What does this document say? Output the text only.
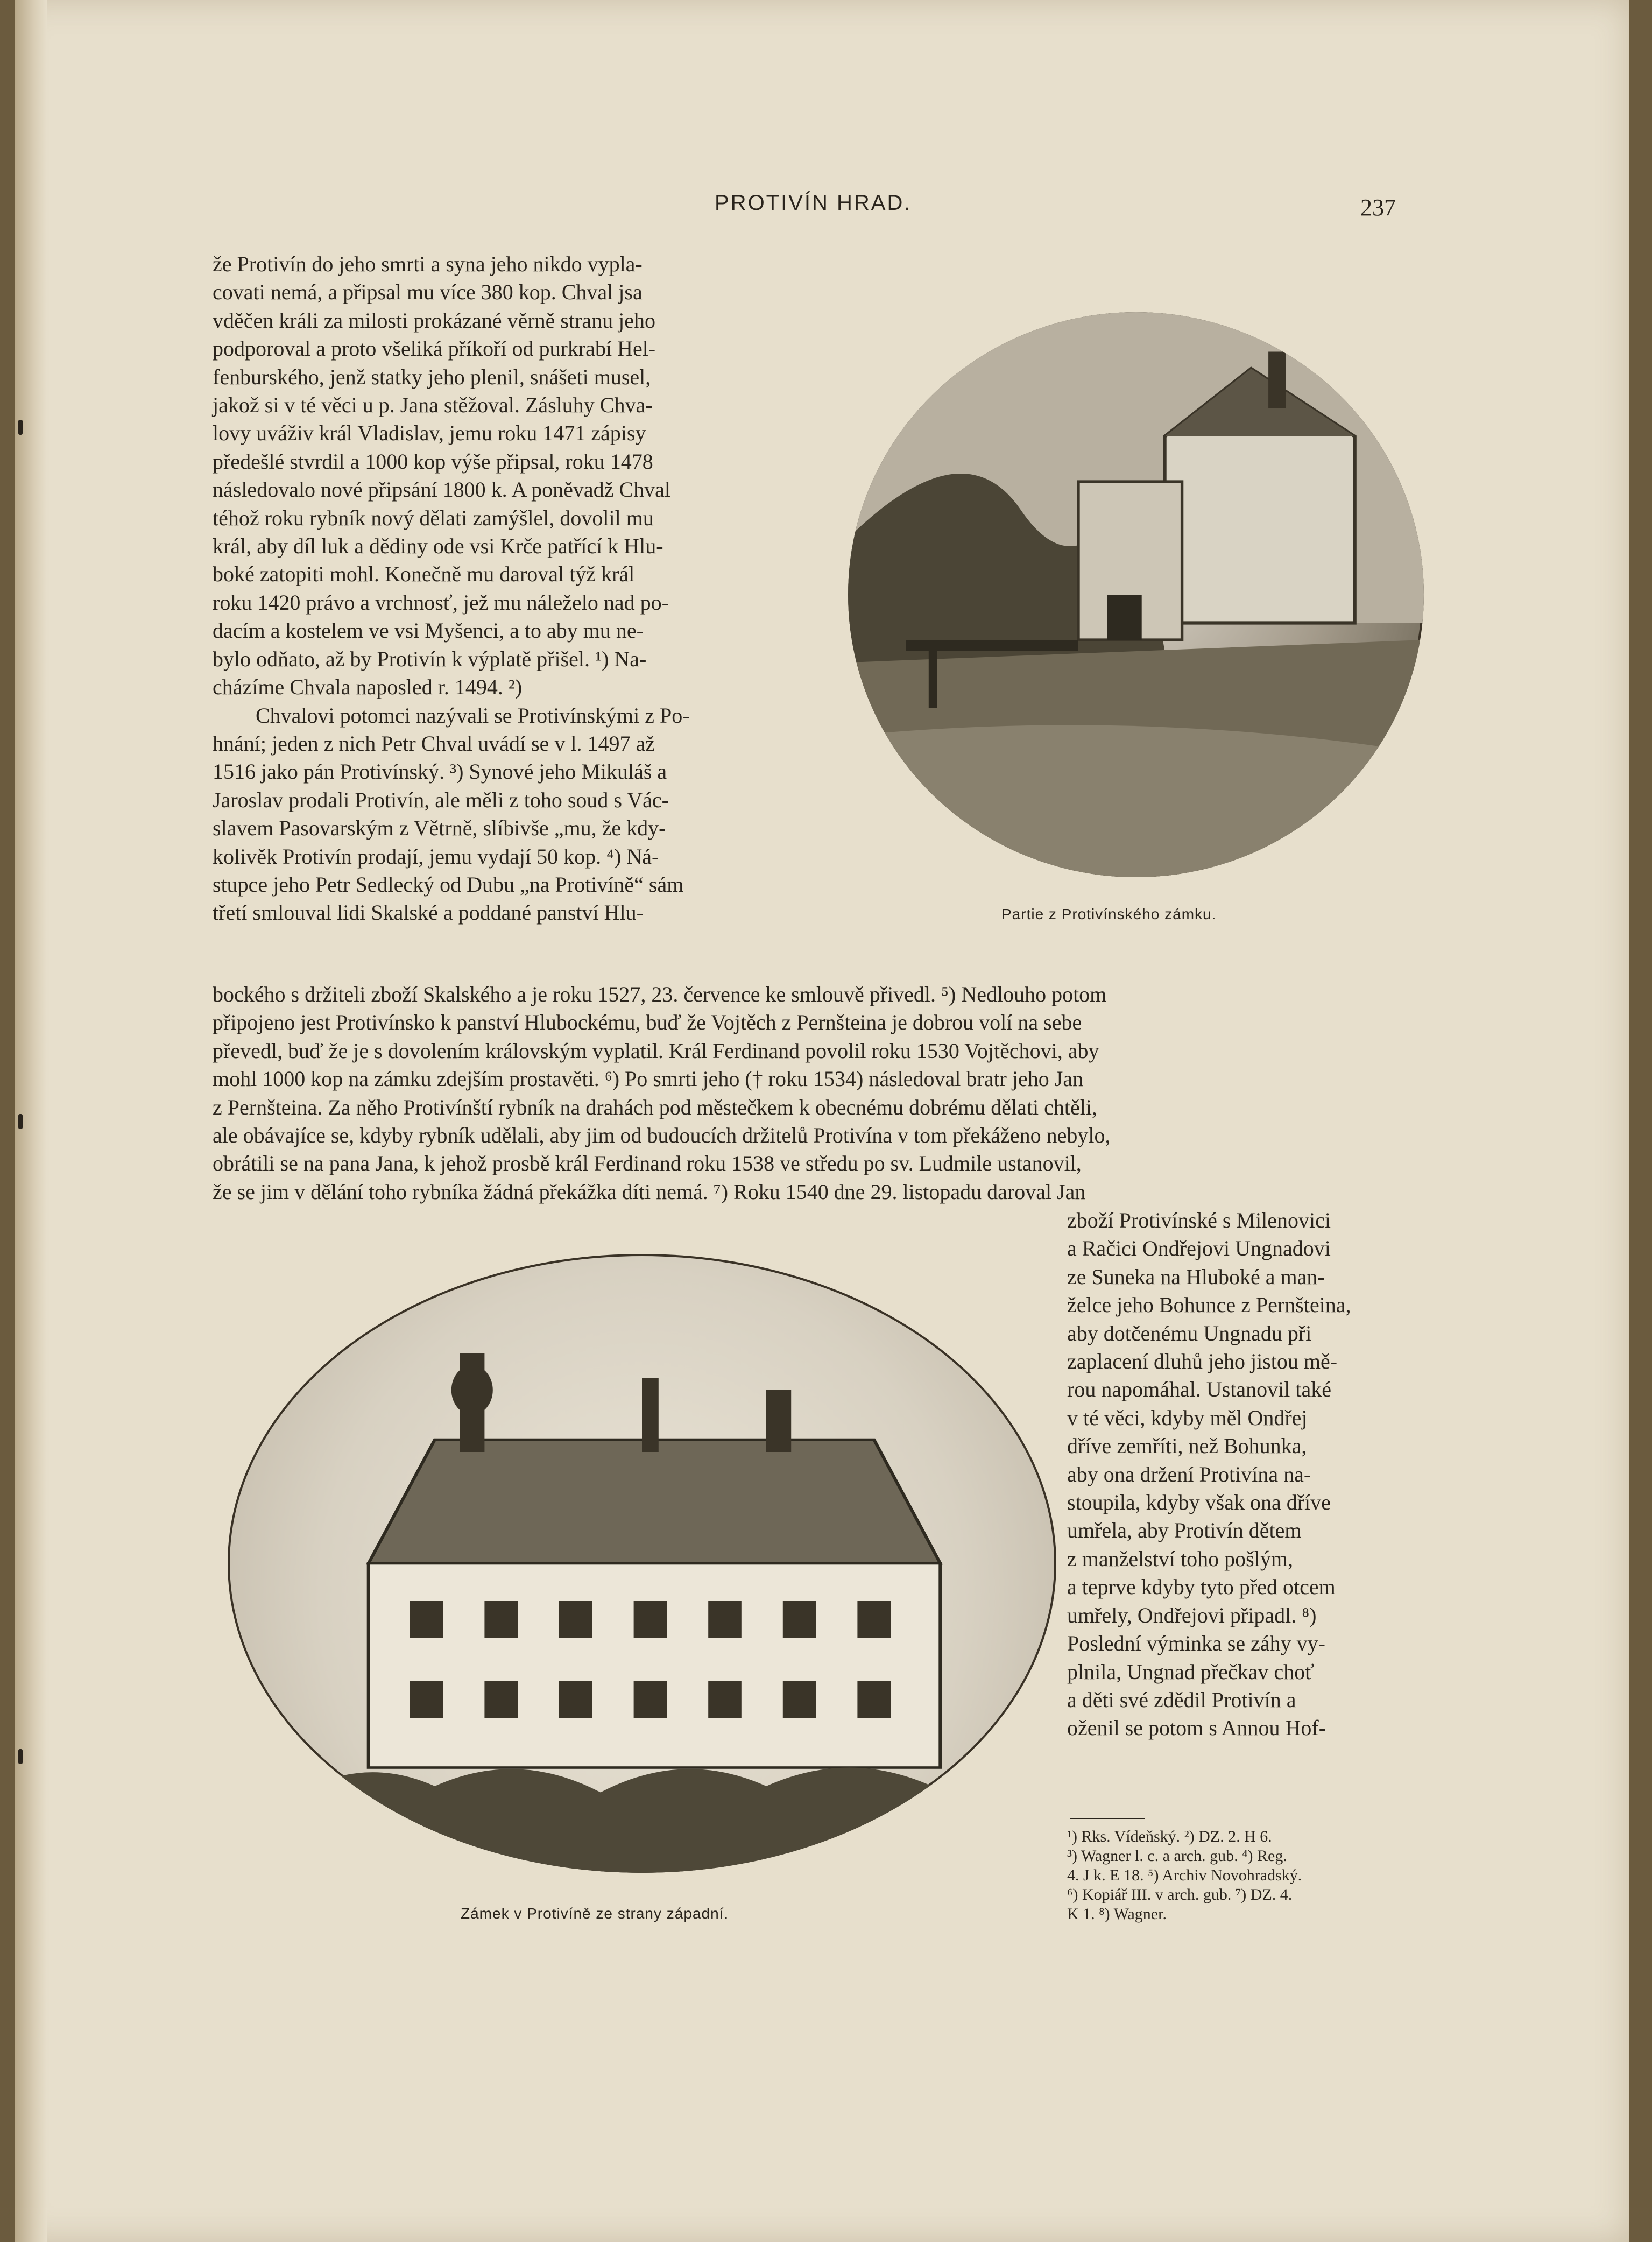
PROTIVÍN HRAD.	237
že Protivín do jeho smrti a syna jeho nikdo vypla-
covati nemá, a připsal mu více 380 kop. Chval jsa
vděčen králi za milosti prokázané věrně stranu jeho
podporoval a proto všeliká příkoří od purkrabí Hel-
fenburského, jenž statky jeho plenil, snášeti musel,
jakož si v té věci u p. Jana stěžoval. Zásluhy Chva-
lovy uváživ král Vladislav, jemu roku 1471 zápisy
předešlé stvrdil a 1000 kop výše připsal, roku 1478
následovalo nové připsání 1800 k. A poněvadž Chval
téhož roku rybník nový dělati zamýšlel, dovolil mu
král, aby díl luk a dědiny ode vsi Krče patřící k Hlu-
boké zatopiti mohl. Konečně mu daroval týž král
roku 1420 právo a vrchnosť, jež mu náleželo nad po-
dacím a kostelem ve vsi Myšenci, a to aby mu ne-
bylo odňato, až by Protivín k výplatě přišel. ¹) Na-
cházíme Chvala naposled r. 1494. ²)
Chvalovi potomci nazývali se Protivínskými z Po-
hnání; jeden z nich Petr Chval uvádí se v l. 1497 až
1516 jako pán Protivínský. ³) Synové jeho Mikuláš a
Jaroslav prodali Protivín, ale měli z toho soud s Vác-
slavem Pasovarským z Větrně, slíbivše „mu, že kdy-
kolivěk Protivín prodají, jemu vydají 50 kop. ⁴) Ná-
stupce jeho Petr Sedlecký od Dubu „na Protivíně“ sám
třetí smlouval lidi Skalské a poddané panství Hlu-	Partie z Protivínského zámku.
bockého s držiteli zboží Skalského a je roku 1527, 23. července ke smlouvě přivedl. ⁵) Nedlouho potom
připojeno jest Protivínsko k panství Hlubockému, buď že Vojtěch z Pernšteina je dobrou volí na sebe
převedl, buď že je s dovolením královským vyplatil. Král Ferdinand povolil roku 1530 Vojtěchovi, aby
mohl 1000 kop na zámku zdejším prostavěti. ⁶) Po smrti jeho († roku 1534) následoval bratr jeho Jan
z Pernšteina. Za něho Protivínští rybník na drahách pod městečkem k obecnému dobrému dělati chtěli,
ale obávajíce se, kdyby rybník udělali, aby jim od budoucích držitelů Protivína v tom překáženo nebylo,
obrátili se na pana Jana, k jehož prosbě král Ferdinand roku 1538 ve středu po sv. Ludmile ustanovil,
že se jim v dělání toho rybníka žádná překážka díti nemá. ⁷) Roku 1540 dne 29. listopadu daroval Jan
Zámek v Protivíně ze strany západní.
zboží Protivínské s Milenovici
a Račici Ondřejovi Ungnadovi
ze Suneka na Hluboké a man-
želce jeho Bohunce z Pernšteina,
aby dotčenému Ungnadu při
zaplacení dluhů jeho jistou mě-
rou napomáhal. Ustanovil také
v té věci, kdyby měl Ondřej
dříve zemříti, než Bohunka,
aby ona držení Protivína na-
stoupila, kdyby však ona dříve
umřela, aby Protivín dětem
z manželství toho pošlým,
a teprve kdyby tyto před otcem
umřely, Ondřejovi připadl. ⁸)
Poslední výminka se záhy vy-
plnila, Ungnad přečkav choť
a děti své zdědil Protivín a
oženil se potom s Annou Hof-
¹) Rks. Vídeňský. ²) DZ. 2. H 6.
³) Wagner l. c. a arch. gub. ⁴) Reg.
4. J k. E 18. ⁵) Archiv Novohradský.
⁶) Kopiář III. v arch. gub. ⁷) DZ. 4.
K 1. ⁸) Wagner.
